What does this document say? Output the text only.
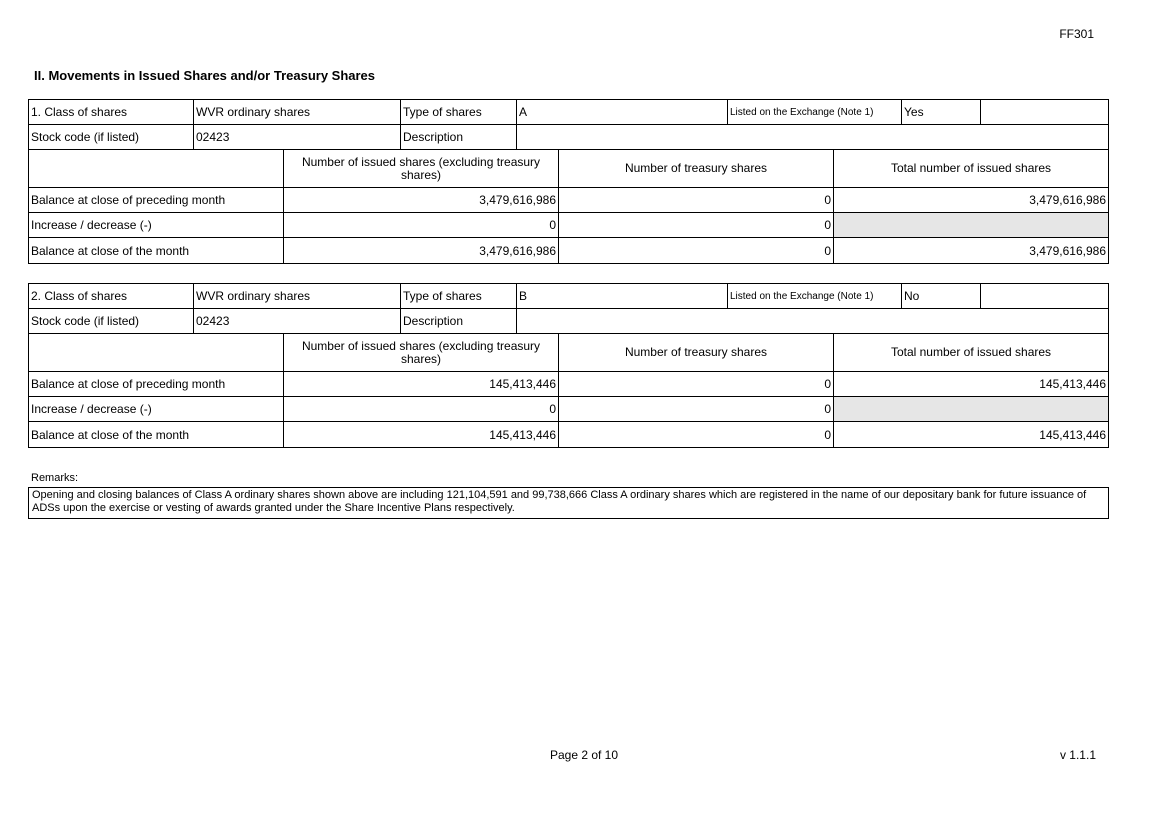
FF301
II. Movements in Issued Shares and/or Treasury Shares
1. Class of shares	WVR ordinary shares	Type of shares	A	Listed on the Exchange (Note 1)	Yes
Stock code (if listed)	02423	Description
Number of issued shares (excluding treasury shares)	Number of treasury shares	Total number of issued shares
Balance at close of preceding month	3,479,616,986	0	3,479,616,986
Increase / decrease (-)	0	0
Balance at close of the month	3,479,616,986	0	3,479,616,986
2. Class of shares	WVR ordinary shares	Type of shares	B	Listed on the Exchange (Note 1)	No
Stock code (if listed)	02423	Description
Number of issued shares (excluding treasury shares)	Number of treasury shares	Total number of issued shares
Balance at close of preceding month	145,413,446	0	145,413,446
Increase / decrease (-)	0	0
Balance at close of the month	145,413,446	0	145,413,446
Remarks:
Opening and closing balances of Class A ordinary shares shown above are including 121,104,591 and 99,738,666 Class A ordinary shares which are registered in the name of our depositary bank for future issuance of ADSs upon the exercise or vesting of awards granted under the Share Incentive Plans respectively.
Page 2 of 10	v 1.1.1
